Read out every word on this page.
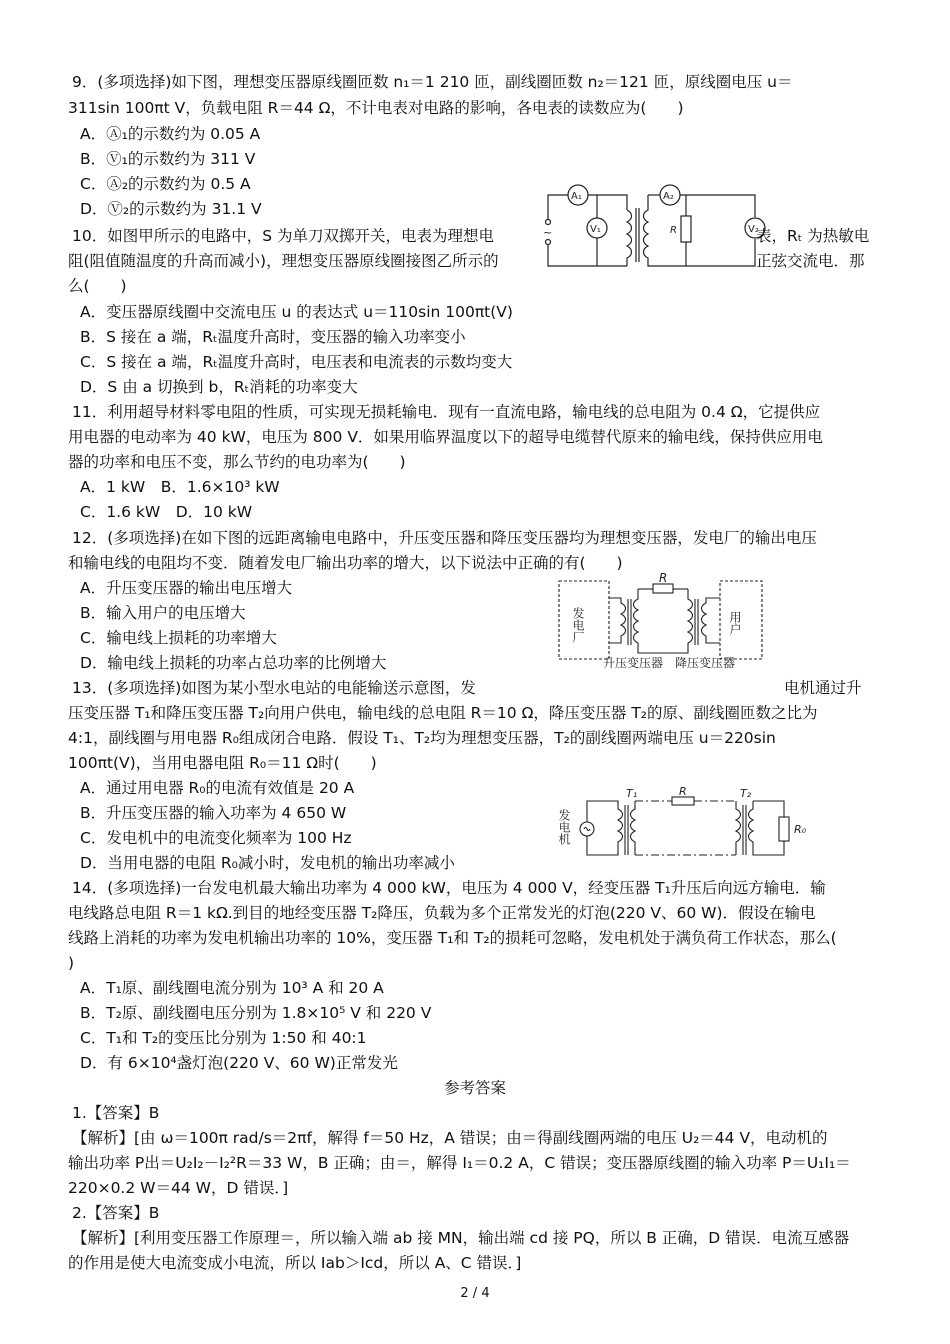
9．(多项选择)如下图，理想变压器原线圈匝数 n₁＝1 210 匝，副线圈匝数 n₂＝121 匝，原线圈电压 u＝
311sin 100πt V，负载电阻 R＝44 Ω，不计电表对电路的影响，各电表的读数应为(　　)
A．Ⓐ₁的示数约为 0.05 A
B．Ⓥ₁的示数约为 311 V
C．Ⓐ₂的示数约为 0.5 A
D．Ⓥ₂的示数约为 31.1 V
A₁	A₂
V₁	V₂
R
~
10．如图甲所示的电路中，S 为单刀双掷开关，电表为理想电	表，Rₜ 为热敏电
阻(阻值随温度的升高而减小)，理想变压器原线圈接图乙所示的	正弦交流电．那
么(　　)
A．变压器原线圈中交流电压 u 的表达式 u＝110sin 100πt(V)
B．S 接在 a 端，Rₜ温度升高时，变压器的输入功率变小
C．S 接在 a 端，Rₜ温度升高时，电压表和电流表的示数均变大
D．S 由 a 切换到 b，Rₜ消耗的功率变大
11．利用超导材料零电阻的性质，可实现无损耗输电．现有一直流电路，输电线的总电阻为 0.4 Ω，它提供应
用电器的电动率为 40 kW，电压为 800 V．如果用临界温度以下的超导电缆替代原来的输电线，保持供应用电
器的功率和电压不变，那么节约的电功率为(　　)
A．1 kW　B．1.6×10³ kW
C．1.6 kW　D．10 kW
12．(多项选择)在如下图的远距离输电电路中，升压变压器和降压变压器均为理想变压器，发电厂的输出电压
和输电线的电阻均不变．随着发电厂输出功率的增大，以下说法中正确的有(　　)
A．升压变压器的输出电压增大
B．输入用户的电压增大
C．输电线上损耗的功率增大
D．输电线上损耗的功率占总功率的比例增大
R
发电厂	用户
升压变压器 降压变压器
13．(多项选择)如图为某小型水电站的电能输送示意图，发	电机通过升
压变压器 T₁和降压变压器 T₂向用户供电，输电线的总电阻 R＝10 Ω，降压变压器 T₂的原、副线圈匝数之比为
4:1，副线圈与用电器 R₀组成闭合电路．假设 T₁、T₂均为理想变压器，T₂的副线圈两端电压 u＝220sin
100πt(V)，当用电器电阻 R₀＝11 Ω时(　　)
A．通过用电器 R₀的电流有效值是 20 A
B．升压变压器的输入功率为 4 650 W
C．发电机中的电流变化频率为 100 Hz
D．当用电器的电阻 R₀减小时，发电机的输出功率减小
T₁	T₂
R
R₀
发电机
14．(多项选择)一台发电机最大输出功率为 4 000 kW，电压为 4 000 V，经变压器 T₁升压后向远方输电．输
电线路总电阻 R＝1 kΩ.到目的地经变压器 T₂降压，负载为多个正常发光的灯泡(220 V、60 W)．假设在输电
线路上消耗的功率为发电机输出功率的 10%，变压器 T₁和 T₂的损耗可忽略，发电机处于满负荷工作状态，那么(
)
A．T₁原、副线圈电流分别为 10³ A 和 20 A
B．T₂原、副线圈电压分别为 1.8×10⁵ V 和 220 V
C．T₁和 T₂的变压比分别为 1:50 和 40:1
D．有 6×10⁴盏灯泡(220 V、60 W)正常发光
参考答案
1.【答案】B
【解析】[由 ω＝100π rad/s＝2πf，解得 f＝50 Hz，A 错误；由＝得副线圈两端的电压 U₂＝44 V，电动机的
输出功率 P出＝U₂I₂－I₂²R＝33 W，B 正确；由＝，解得 I₁＝0.2 A，C 错误；变压器原线圈的输入功率 P＝U₁I₁＝
220×0.2 W＝44 W，D 错误．]
2.【答案】B
【解析】[利用变压器工作原理＝，所以输入端 ab 接 MN，输出端 cd 接 PQ，所以 B 正确，D 错误．电流互感器
的作用是使大电流变成小电流，所以 Iab＞Icd，所以 A、C 错误．]
2 / 4
